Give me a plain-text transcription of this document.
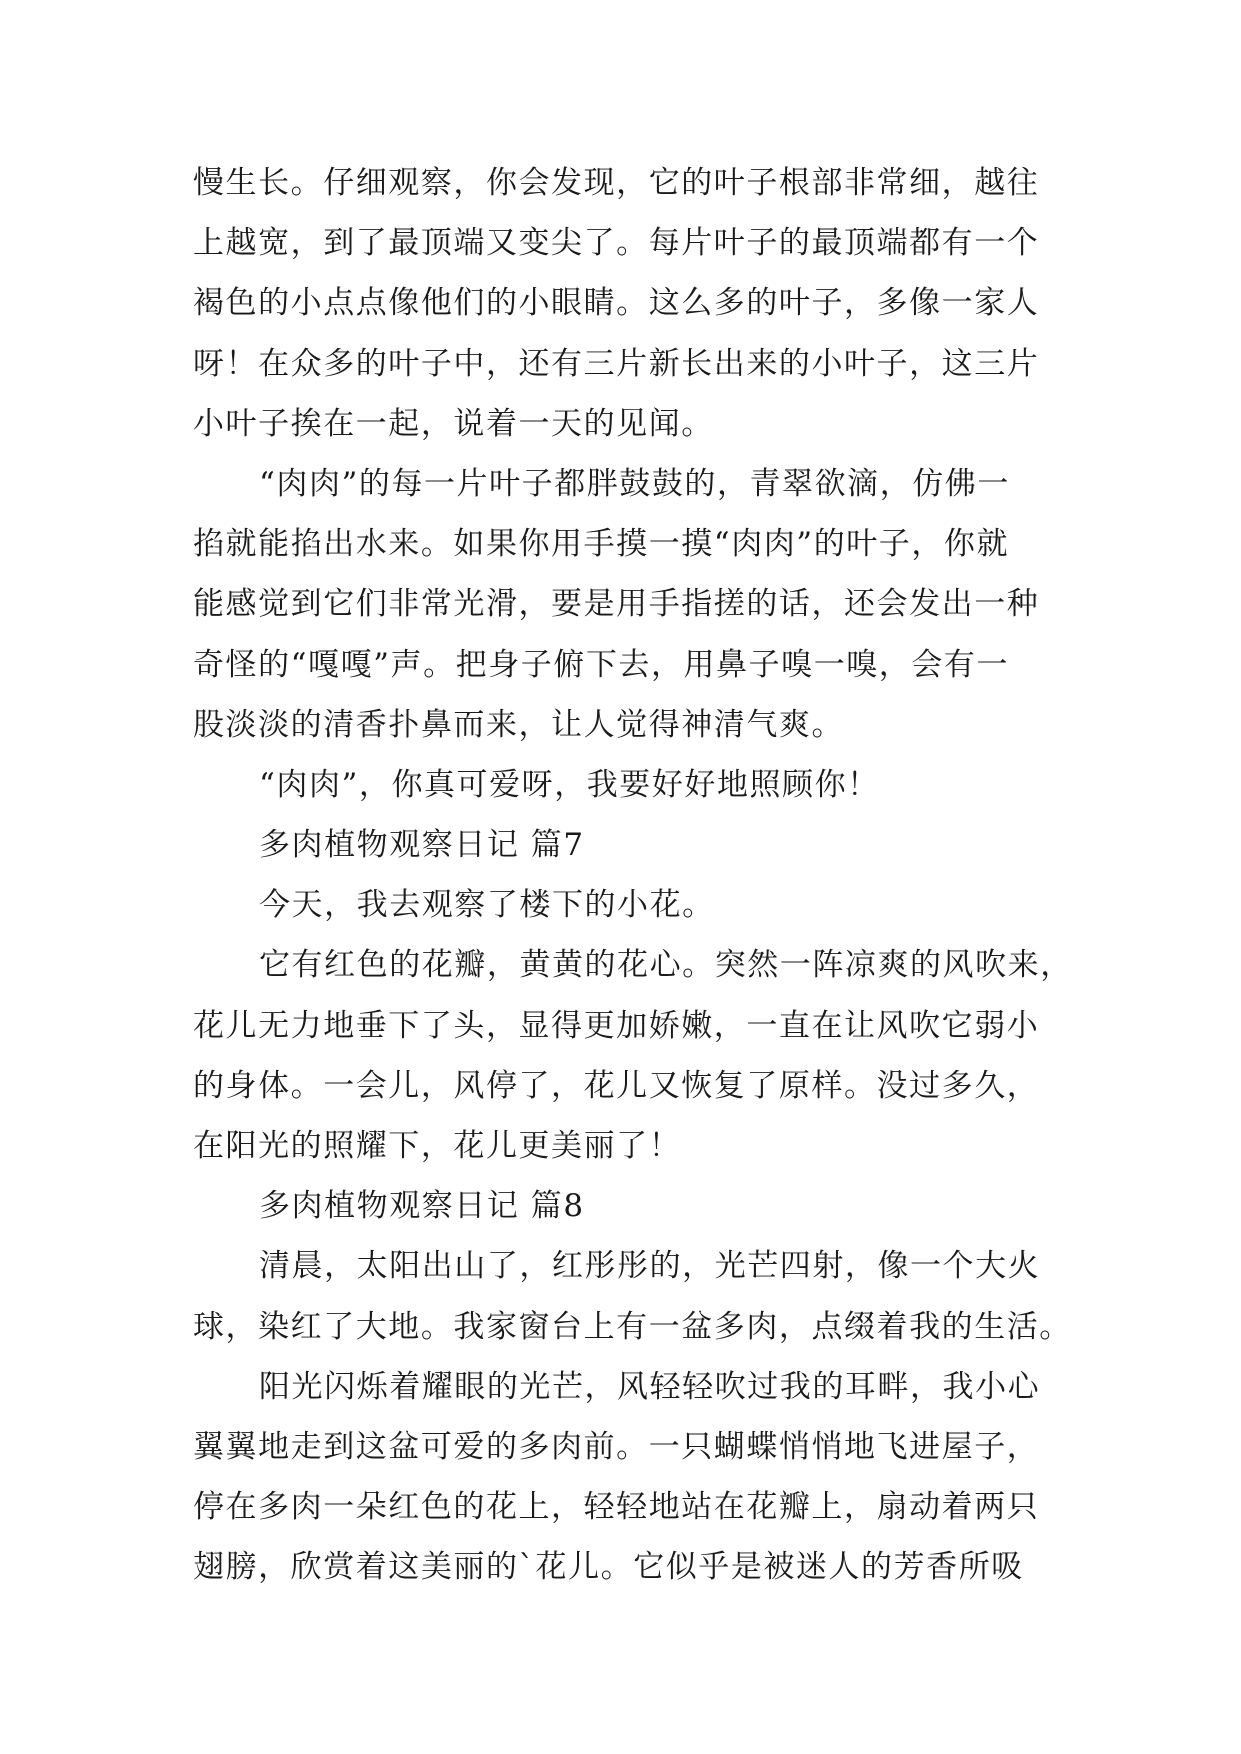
慢生长。仔细观察，你会发现，它的叶子根部非常细，越往
上越宽，到了最顶端又变尖了。每片叶子的最顶端都有一个
褐色的小点点像他们的小眼睛。这么多的叶子，多像一家人
呀！在众多的叶子中，还有三片新长出来的小叶子，这三片
小叶子挨在一起，说着一天的见闻。
“肉肉”的每一片叶子都胖鼓鼓的，青翠欲滴，仿佛一
掐就能掐出水来。如果你用手摸一摸“肉肉”的叶子，你就
能感觉到它们非常光滑，要是用手指搓的话，还会发出一种
奇怪的“嘎嘎”声。把身子俯下去，用鼻子嗅一嗅，会有一
股淡淡的清香扑鼻而来，让人觉得神清气爽。
“肉肉”，你真可爱呀，我要好好地照顾你！
多肉植物观察日记 篇7
今天，我去观察了楼下的小花。
它有红色的花瓣，黄黄的花心。突然一阵凉爽的风吹来，
花儿无力地垂下了头，显得更加娇嫩，一直在让风吹它弱小
的身体。一会儿，风停了，花儿又恢复了原样。没过多久，
在阳光的照耀下，花儿更美丽了！
多肉植物观察日记 篇8
清晨，太阳出山了，红彤彤的，光芒四射，像一个大火
球，染红了大地。我家窗台上有一盆多肉，点缀着我的生活。
阳光闪烁着耀眼的光芒，风轻轻吹过我的耳畔，我小心
翼翼地走到这盆可爱的多肉前。一只蝴蝶悄悄地飞进屋子，
停在多肉一朵红色的花上，轻轻地站在花瓣上，扇动着两只
翅膀，欣赏着这美丽的`花儿。它似乎是被迷人的芳香所吸
